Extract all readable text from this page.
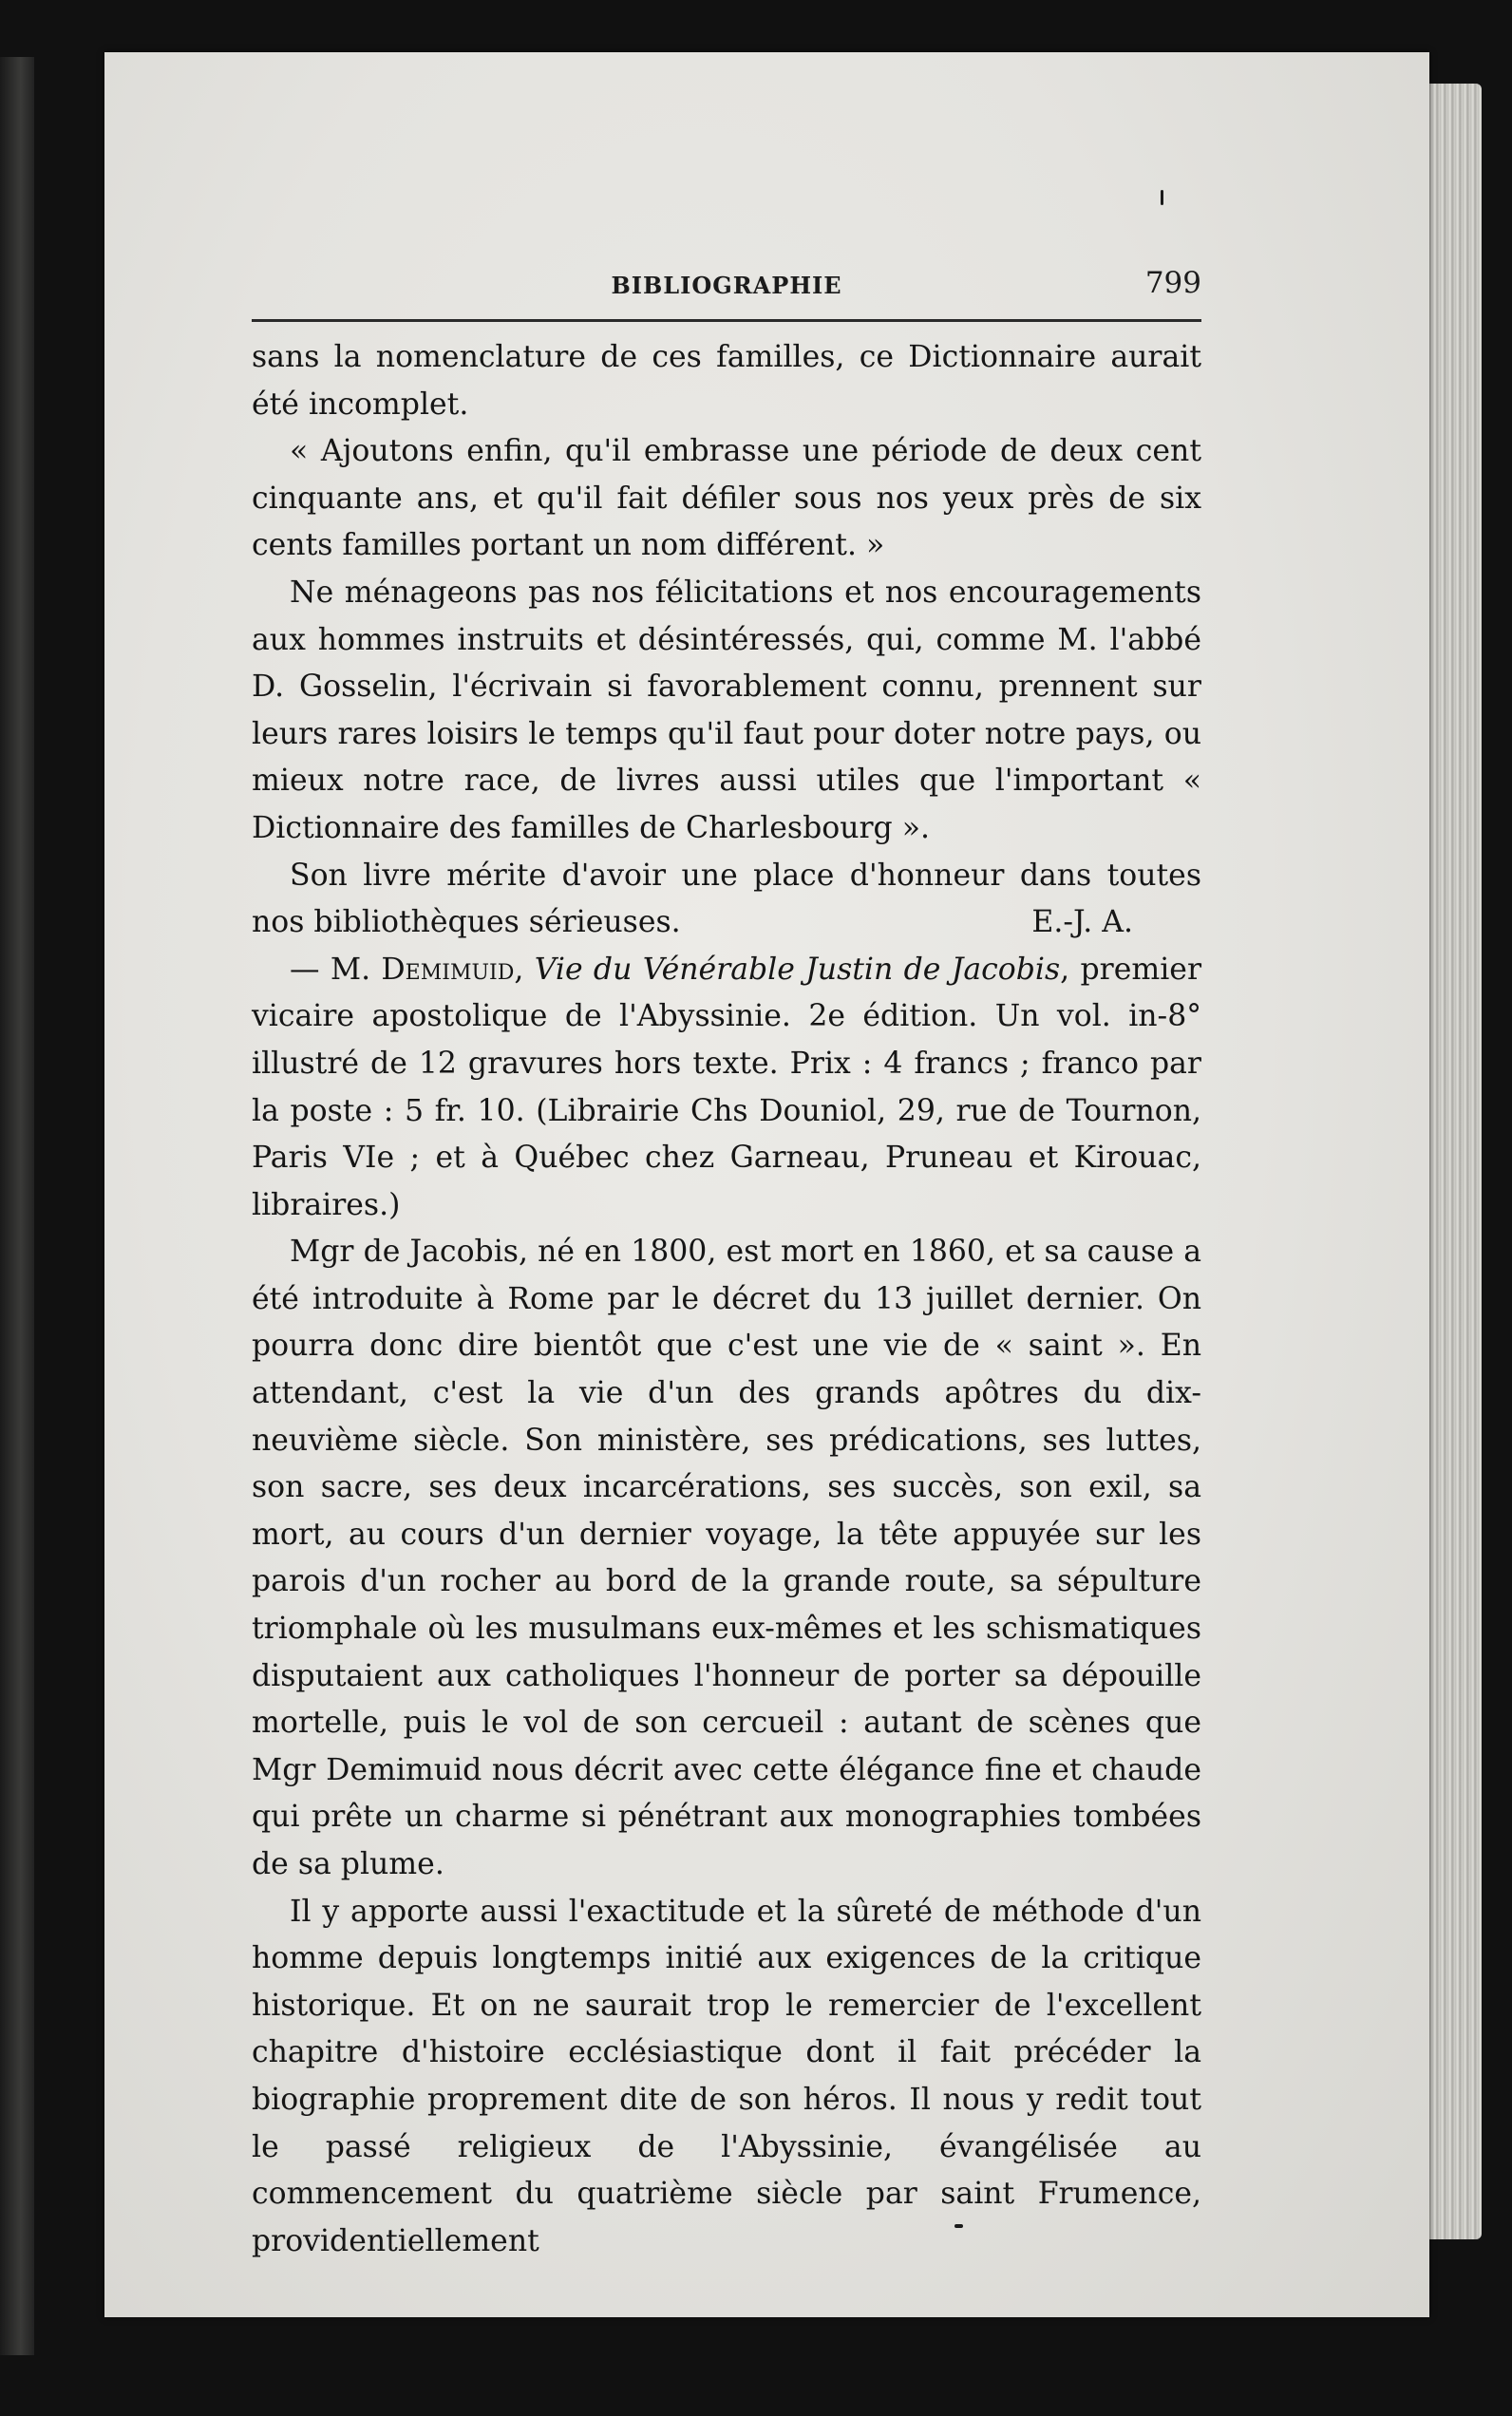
BIBLIOGRAPHIE	799

sans la nomenclature de ces familles, ce Dictionnaire aurait été incomplet.

« Ajoutons enfin, qu'il embrasse une période de deux cent cinquante ans, et qu'il fait défiler sous nos yeux près de six cents familles portant un nom différent. »

Ne ménageons pas nos félicitations et nos encouragements aux hommes instruits et désintéressés, qui, comme M. l'abbé D. Gosselin, l'écrivain si favorablement connu, prennent sur leurs rares loisirs le temps qu'il faut pour doter notre pays, ou mieux notre race, de livres aussi utiles que l'important « Dictionnaire des familles de Charlesbourg ».

Son livre mérite d'avoir une place d'honneur dans toutes nos bibliothèques sérieuses.	E.-J. A.

— M. Demimuid, Vie du Vénérable Justin de Jacobis, premier vicaire apostolique de l'Abyssinie. 2e édition. Un vol. in-8° illustré de 12 gravures hors texte. Prix : 4 francs ; franco par la poste : 5 fr. 10. (Librairie Chs Douniol, 29, rue de Tournon, Paris VIe ; et à Québec chez Garneau, Pruneau et Kirouac, libraires.)

Mgr de Jacobis, né en 1800, est mort en 1860, et sa cause a été introduite à Rome par le décret du 13 juillet dernier. On pourra donc dire bientôt que c'est une vie de « saint ». En attendant, c'est la vie d'un des grands apôtres du dix-neuvième siècle. Son ministère, ses prédications, ses luttes, son sacre, ses deux incarcérations, ses succès, son exil, sa mort, au cours d'un dernier voyage, la tête appuyée sur les parois d'un rocher au bord de la grande route, sa sépulture triomphale où les musulmans eux-mêmes et les schismatiques disputaient aux catholiques l'honneur de porter sa dépouille mortelle, puis le vol de son cercueil : autant de scènes que Mgr Demimuid nous décrit avec cette élégance fine et chaude qui prête un charme si pénétrant aux monographies tombées de sa plume.

Il y apporte aussi l'exactitude et la sûreté de méthode d'un homme depuis longtemps initié aux exigences de la critique historique. Et on ne saurait trop le remercier de l'excellent chapitre d'histoire ecclésiastique dont il fait précéder la biographie proprement dite de son héros. Il nous y redit tout le passé religieux de l'Abyssinie, évangélisée au commencement du quatrième siècle par saint Frumence, providentiellement
